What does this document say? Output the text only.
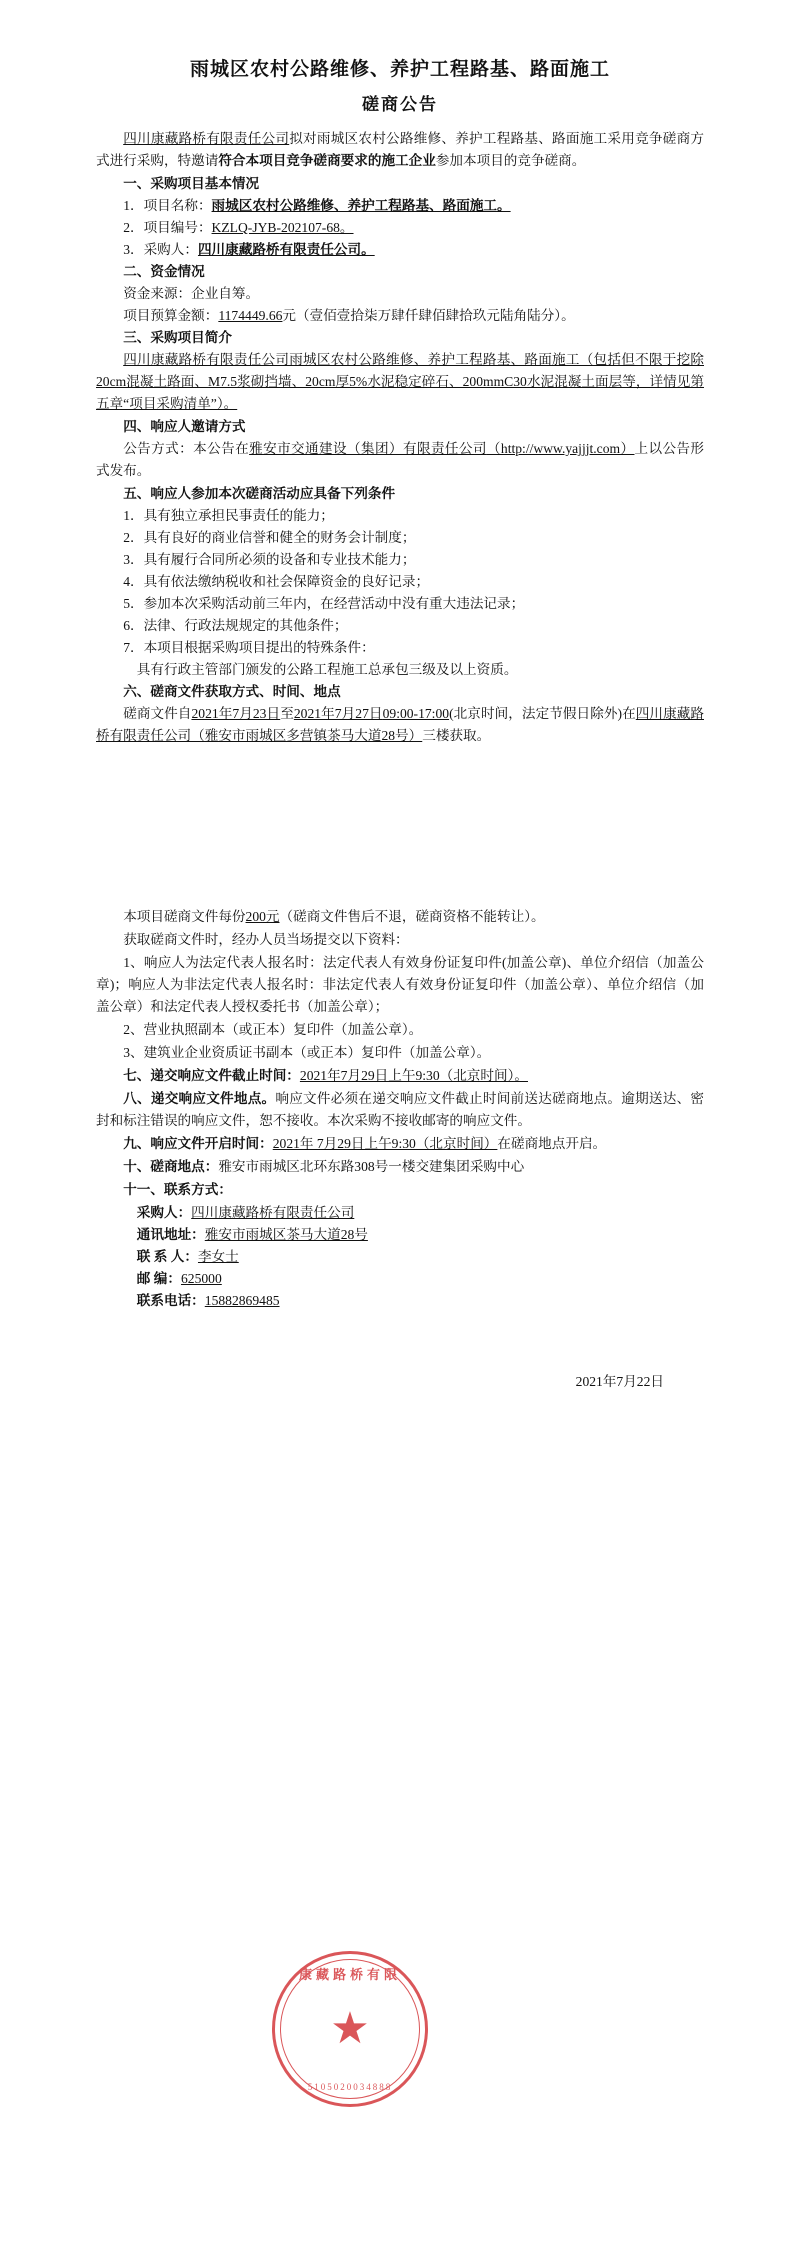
雨城区农村公路维修、养护工程路基、路面施工
磋商公告

四川康藏路桥有限责任公司拟对雨城区农村公路维修、养护工程路基、路面施工采用竞争磋商方式进行采购，特邀请符合本项目竞争磋商要求的施工企业参加本项目的竞争磋商。

一、采购项目基本情况

1．项目名称：雨城区农村公路维修、养护工程路基、路面施工。

2．项目编号：KZLQ-JYB-202107-68。

3．采购人：四川康藏路桥有限责任公司。

二、资金情况

资金来源：企业自筹。

项目预算金额：1174449.66元（壹佰壹拾柒万肆仟肆佰肆拾玖元陆角陆分）。

三、采购项目简介

四川康藏路桥有限责任公司雨城区农村公路维修、养护工程路基、路面施工（包括但不限于挖除20cm混凝土路面、M7.5浆砌挡墙、20cm厚5%水泥稳定碎石、200mmC30水泥混凝土面层等，详情见第五章“项目采购清单”）。

四、响应人邀请方式

公告方式：本公告在雅安市交通建设（集团）有限责任公司（http://www.yajjjt.com）上以公告形式发布。

五、响应人参加本次磋商活动应具备下列条件

1．具有独立承担民事责任的能力；

2．具有良好的商业信誉和健全的财务会计制度；

3．具有履行合同所必须的设备和专业技术能力；

4．具有依法缴纳税收和社会保障资金的良好记录；

5．参加本次采购活动前三年内，在经营活动中没有重大违法记录；

6．法律、行政法规规定的其他条件；

7．本项目根据采购项目提出的特殊条件：

具有行政主管部门颁发的公路工程施工总承包三级及以上资质。

六、磋商文件获取方式、时间、地点

磋商文件自2021年7月23日至2021年7月27日09:00-17:00(北京时间，法定节假日除外)在四川康藏路桥有限责任公司（雅安市雨城区多营镇茶马大道28号）三楼获取。

本项目磋商文件每份200元（磋商文件售后不退，磋商资格不能转让）。

获取磋商文件时，经办人员当场提交以下资料：

1、响应人为法定代表人报名时：法定代表人有效身份证复印件(加盖公章)、单位介绍信（加盖公章)；响应人为非法定代表人报名时：非法定代表人有效身份证复印件（加盖公章）、单位介绍信（加盖公章）和法定代表人授权委托书（加盖公章）；

2、营业执照副本（或正本）复印件（加盖公章）。

3、建筑业企业资质证书副本（或正本）复印件（加盖公章）。

七、递交响应文件截止时间：2021年7月29日上午9:30（北京时间）。

八、递交响应文件地点。响应文件必须在递交响应文件截止时间前送达磋商地点。逾期送达、密封和标注错误的响应文件，恕不接收。本次采购不接收邮寄的响应文件。

九、响应文件开启时间：2021年 7月29日上午9:30（北京时间）在磋商地点开启。

十、磋商地点：雅安市雨城区北环东路308号一楼交建集团采购中心

十一、联系方式：

采购人：四川康藏路桥有限责任公司

通讯地址：雅安市雨城区茶马大道28号

联 系 人：李女士

邮 编：625000

联系电话：15882869485

2021年7月22日

康藏路桥有限
★
5105020034888
